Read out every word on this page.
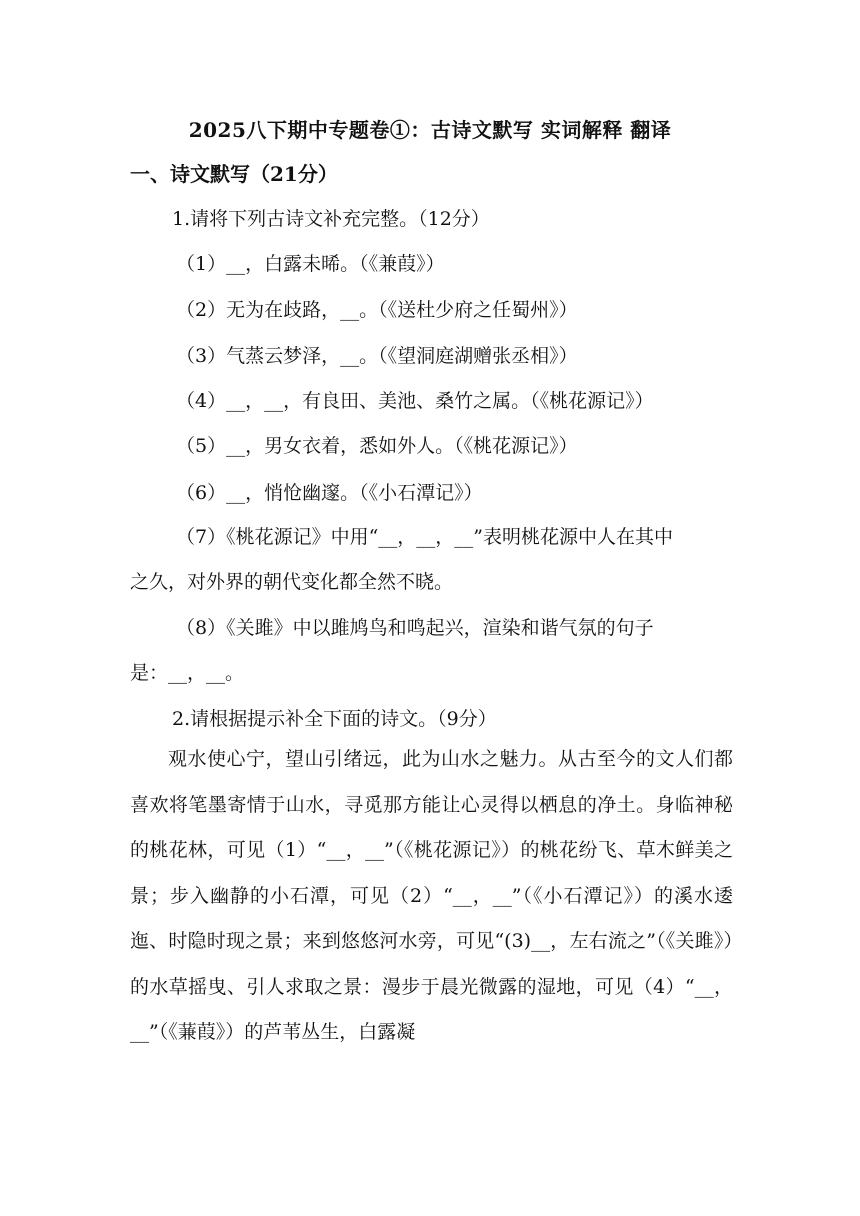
2025八下期中专题卷①：古诗文默写 实词解释 翻译
一、诗文默写（21分）
1.请将下列古诗文补充完整。（12分）
（1）__，白露未晞。（《兼葭》）
（2）无为在歧路，__。（《送杜少府之任蜀州》）
（3）气蒸云梦泽，__。（《望洞庭湖赠张丞相》）
（4）__，__，有良田、美池、桑竹之属。（《桃花源记》）
（5）__，男女衣着，悉如外人。（《桃花源记》）
（6）__，悄怆幽邃。（《小石潭记》）
（7）《桃花源记》中用“__，__，__”表明桃花源中人在其中
之久，对外界的朝代变化都全然不晓。
（8）《关雎》中以雎鸠鸟和鸣起兴，渲染和谐气氛的句子
是：__，__。
2.请根据提示补全下面的诗文。（9分）
观水使心宁，望山引绪远，此为山水之魅力。从古至今的文人们都喜欢将笔墨寄情于山水，寻觅那方能让心灵得以栖息的净土。身临神秘的桃花林，可见（1）“__，__”（《桃花源记》）的桃花纷飞、草木鲜美之景；步入幽静的小石潭，可见（2）“__，__”（《小石潭记》）的溪水逶迤、时隐时现之景；来到悠悠河水旁，可见“(3)__，左右流之”（《关雎》）的水草摇曳、引人求取之景：漫步于晨光微露的湿地，可见（4）“__，__”（《蒹葭》）的芦苇丛生，白露凝
